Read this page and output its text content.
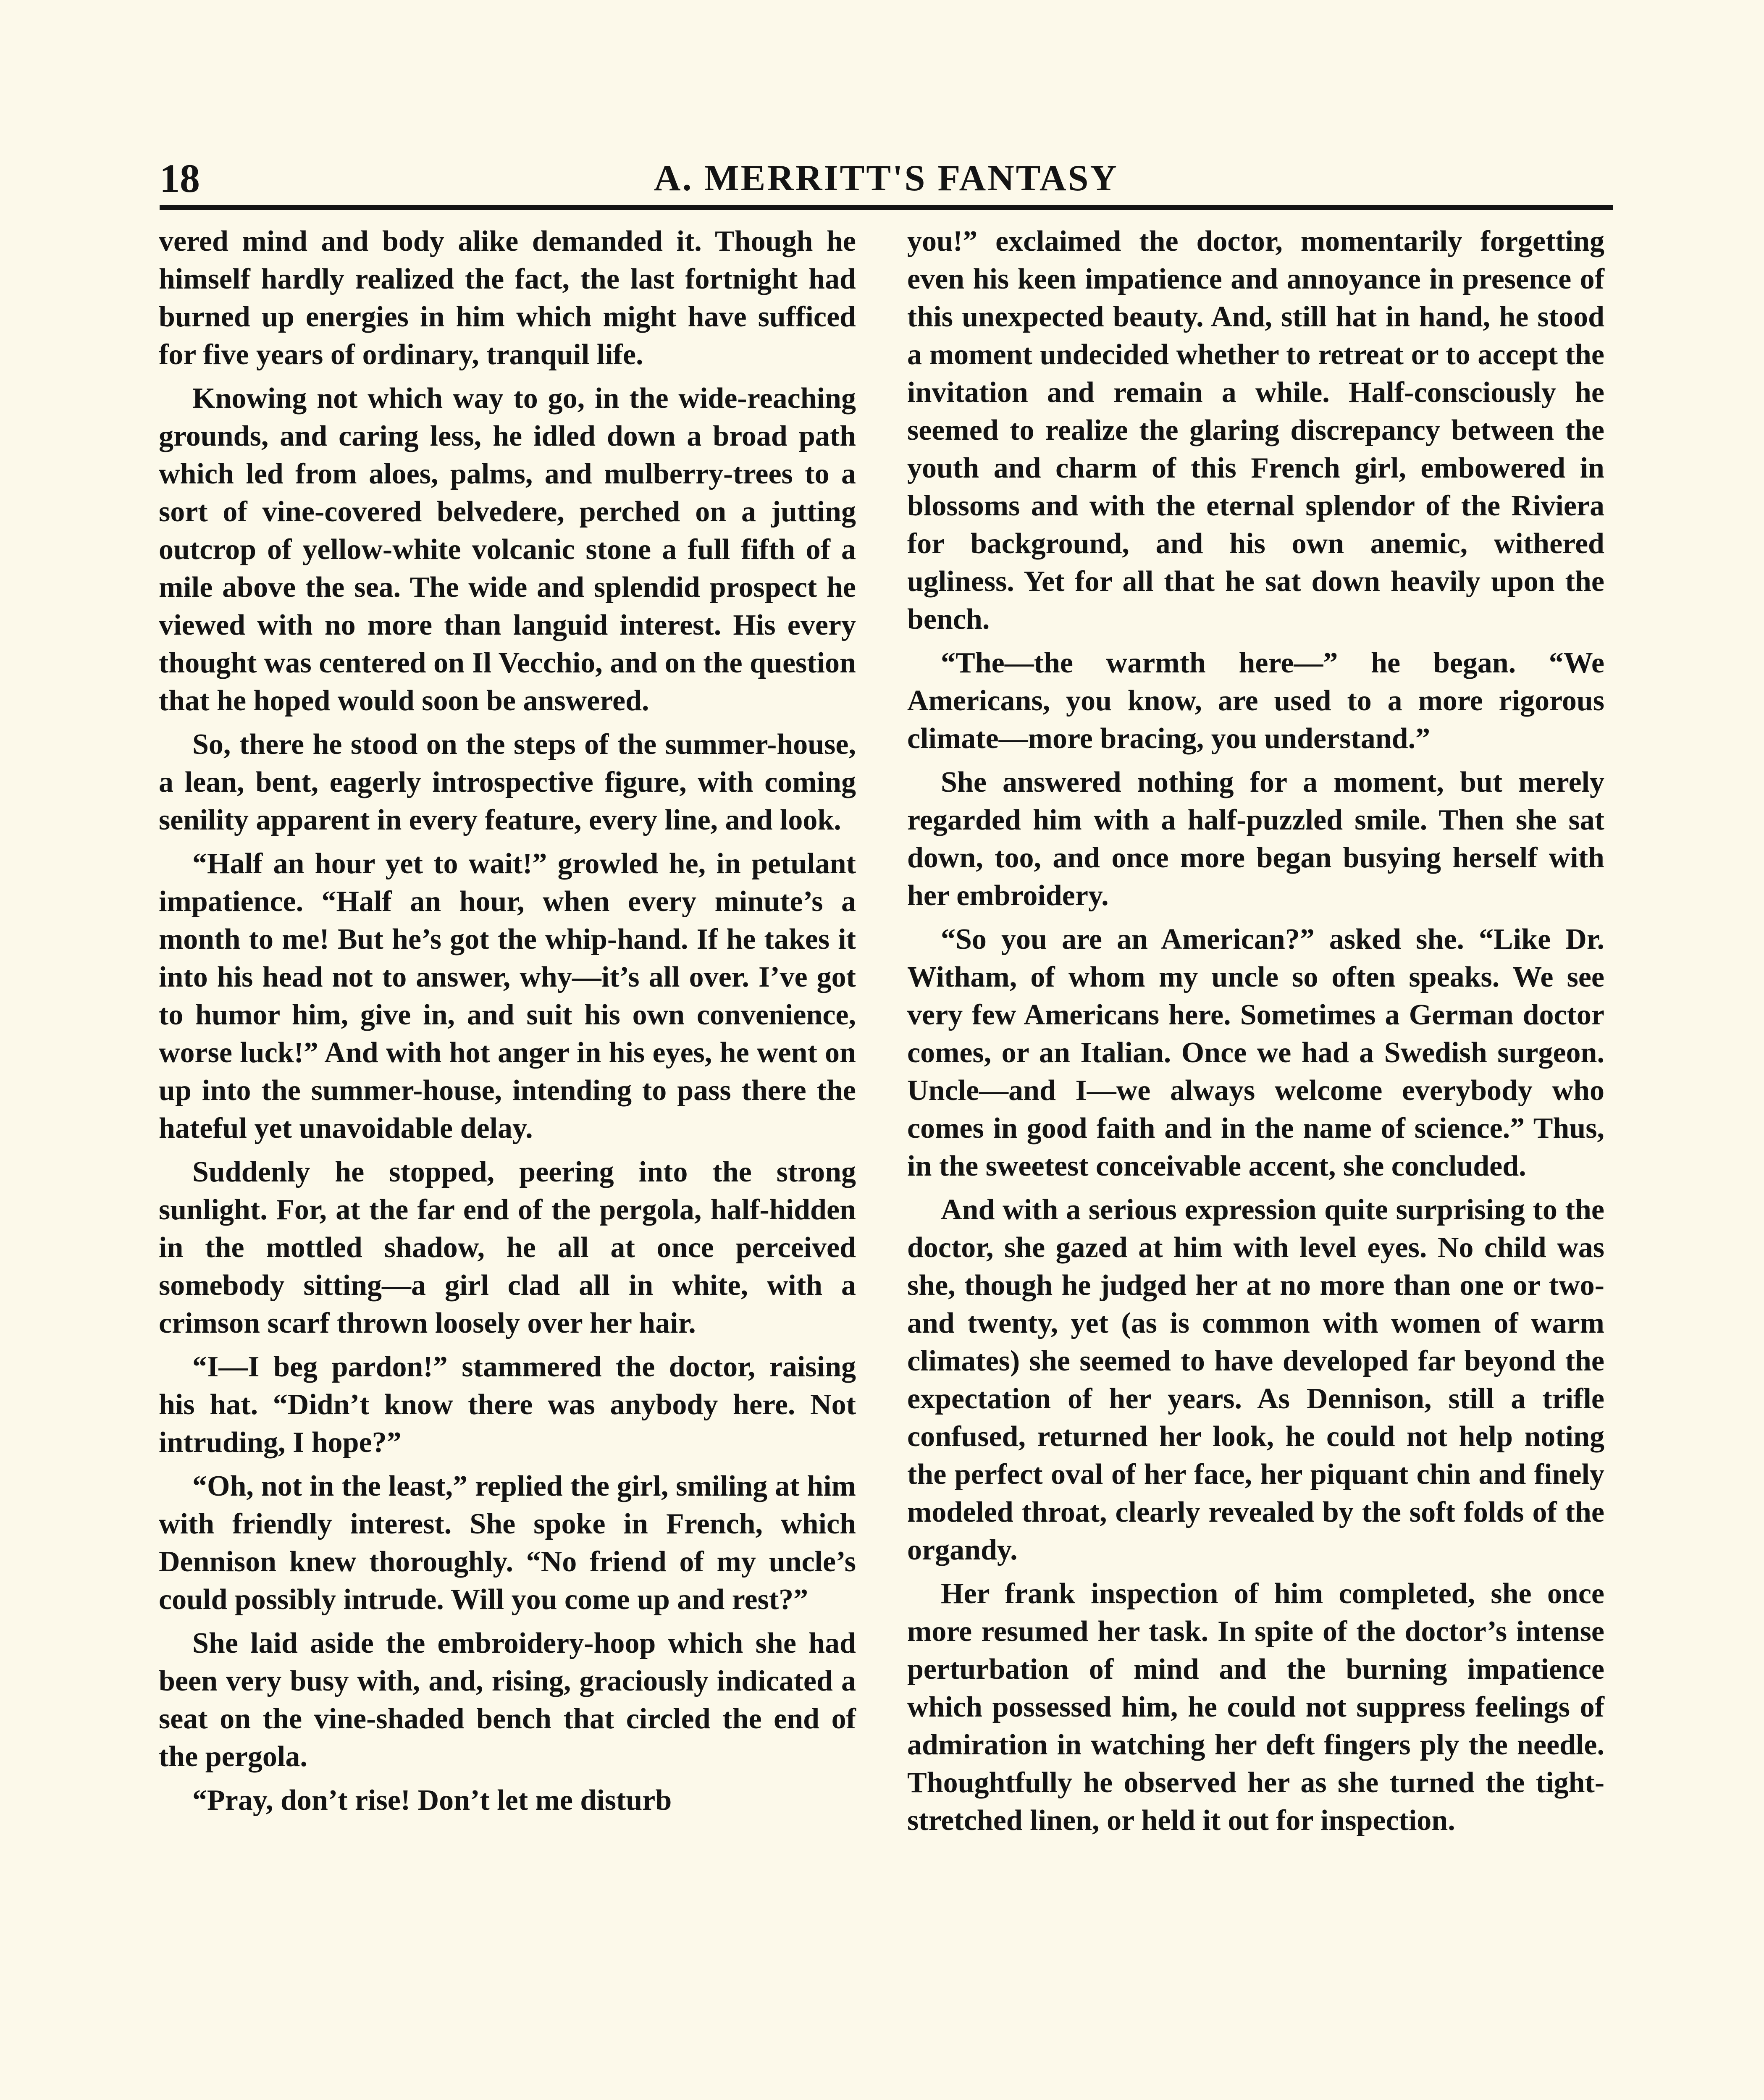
18	A. MERRITT'S FANTASY

vered mind and body alike demanded it. Though he himself hardly realized the fact, the last fortnight had burned up energies in him which might have sufficed for five years of ordinary, tranquil life.

Knowing not which way to go, in the wide-reaching grounds, and caring less, he idled down a broad path which led from aloes, palms, and mulberry-trees to a sort of vine-covered belvedere, perched on a jutting outcrop of yellow-white volcanic stone a full fifth of a mile above the sea. The wide and splendid prospect he viewed with no more than languid interest. His every thought was centered on Il Vecchio, and on the question that he hoped would soon be answered.

So, there he stood on the steps of the summer-house, a lean, bent, eagerly introspective figure, with coming senility apparent in every feature, every line, and look.

“Half an hour yet to wait!” growled he, in petulant impatience. “Half an hour, when every minute’s a month to me! But he’s got the whip-hand. If he takes it into his head not to answer, why—it’s all over. I’ve got to humor him, give in, and suit his own convenience, worse luck!” And with hot anger in his eyes, he went on up into the summer-house, intending to pass there the hateful yet unavoidable delay.

Suddenly he stopped, peering into the strong sunlight. For, at the far end of the pergola, half-hidden in the mottled shadow, he all at once perceived somebody sitting—a girl clad all in white, with a crimson scarf thrown loosely over her hair.

“I—I beg pardon!” stammered the doctor, raising his hat. “Didn’t know there was anybody here. Not intruding, I hope?”

“Oh, not in the least,” replied the girl, smiling at him with friendly interest. She spoke in French, which Dennison knew thoroughly. “No friend of my uncle’s could possibly intrude. Will you come up and rest?”

She laid aside the embroidery-hoop which she had been very busy with, and, rising, graciously indicated a seat on the vine-shaded bench that circled the end of the pergola.

“Pray, don’t rise! Don’t let me disturb

you!” exclaimed the doctor, momentarily forgetting even his keen impatience and annoyance in presence of this unexpected beauty. And, still hat in hand, he stood a moment undecided whether to retreat or to accept the invitation and remain a while. Half-consciously he seemed to realize the glaring discrepancy between the youth and charm of this French girl, embowered in blossoms and with the eternal splendor of the Riviera for background, and his own anemic, withered ugliness. Yet for all that he sat down heavily upon the bench.

“The—the warmth here—” he began. “We Americans, you know, are used to a more rigorous climate—more bracing, you understand.”

She answered nothing for a moment, but merely regarded him with a half-puzzled smile. Then she sat down, too, and once more began busying herself with her embroidery.

“So you are an American?” asked she. “Like Dr. Witham, of whom my uncle so often speaks. We see very few Americans here. Sometimes a German doctor comes, or an Italian. Once we had a Swedish surgeon. Uncle—and I—we always welcome everybody who comes in good faith and in the name of science.” Thus, in the sweetest conceivable accent, she concluded.

And with a serious expression quite surprising to the doctor, she gazed at him with level eyes. No child was she, though he judged her at no more than one or two-and twenty, yet (as is common with women of warm climates) she seemed to have developed far beyond the expectation of her years. As Dennison, still a trifle confused, returned her look, he could not help noting the perfect oval of her face, her piquant chin and finely modeled throat, clearly revealed by the soft folds of the organdy.

Her frank inspection of him completed, she once more resumed her task. In spite of the doctor’s intense perturbation of mind and the burning impatience which possessed him, he could not suppress feelings of admiration in watching her deft fingers ply the needle. Thoughtfully he observed her as she turned the tight-stretched linen, or held it out for inspection.
